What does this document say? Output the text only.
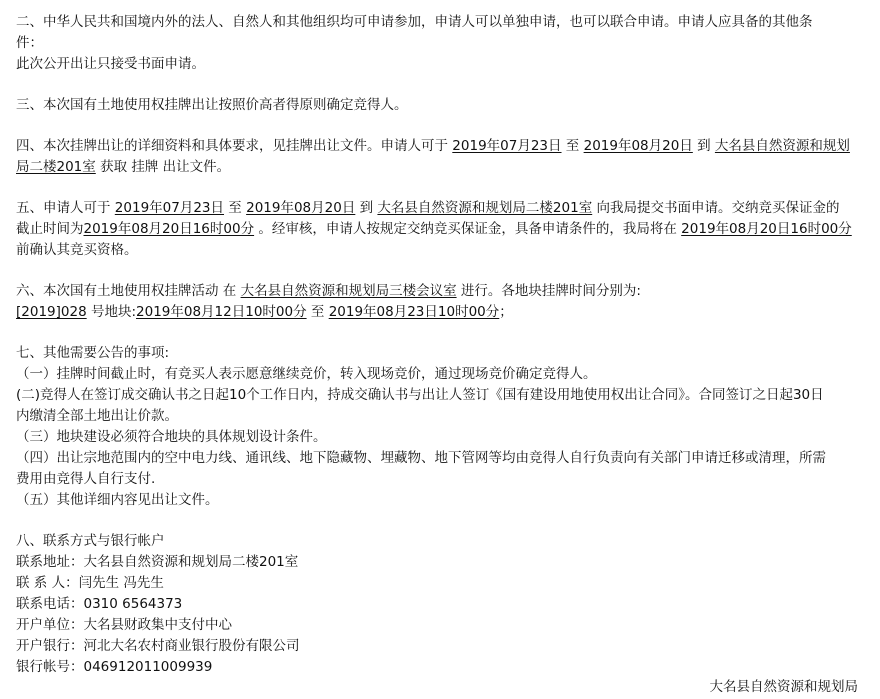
二、中华人民共和国境内外的法人、自然人和其他组织均可申请参加，申请人可以单独申请，也可以联合申请。申请人应具备的其他条
件：
此次公开出让只接受书面申请。
三、本次国有土地使用权挂牌出让按照价高者得原则确定竞得人。
四、本次挂牌出让的详细资料和具体要求，见挂牌出让文件。申请人可于 2019年07月23日 至 2019年08月20日 到 大名县自然资源和规划
局二楼201室 获取 挂牌 出让文件。
五、申请人可于 2019年07月23日 至 2019年08月20日 到 大名县自然资源和规划局二楼201室 向我局提交书面申请。交纳竞买保证金的
截止时间为2019年08月20日16时00分 。经审核，申请人按规定交纳竞买保证金，具备申请条件的，我局将在 2019年08月20日16时00分
前确认其竞买资格。
六、本次国有土地使用权挂牌活动 在 大名县自然资源和规划局三楼会议室 进行。各地块挂牌时间分别为:
[2019]028 号地块:2019年08月12日10时00分 至 2019年08月23日10时00分；
七、其他需要公告的事项:
（一）挂牌时间截止时，有竞买人表示愿意继续竞价，转入现场竞价，通过现场竞价确定竞得人。
(二)竞得人在签订成交确认书之日起10个工作日内，持成交确认书与出让人签订《国有建设用地使用权出让合同》。合同签订之日起30日
内缴清全部土地出让价款。
（三）地块建设必须符合地块的具体规划设计条件。
（四）出让宗地范围内的空中电力线、通讯线、地下隐藏物、埋藏物、地下管网等均由竞得人自行负责向有关部门申请迁移或清理，所需
费用由竞得人自行支付.
（五）其他详细内容见出让文件。
八、联系方式与银行帐户
联系地址：大名县自然资源和规划局二楼201室
联 系 人：闫先生 冯先生
联系电话：0310 6564373
开户单位：大名县财政集中支付中心
开户银行：河北大名农村商业银行股份有限公司
银行帐号：046912011009939
大名县自然资源和规划局
